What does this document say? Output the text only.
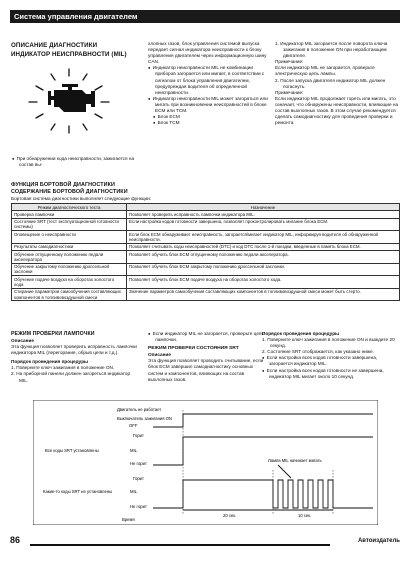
Система управления двигателем
ОПИСАНИЕ ДИАГНОСТИКИ
ИНДИКАТОР НЕИСПРАВНОСТИ (MIL)

●  При обнаружении кода неисправности, зажигается на состав вы-

хлопных газов, блок управления системой выпуска передает сигнал индикатора неисправности к блоку управления двигателем через информационную шину CAN.

●  Индикатор неисправности MIL не комбинации приборов загорается или мигает, в соответствии с сигналом от блока управления двигателем, предупреждая водителя об определенной неисправности.

●  Индикатор неисправности MIL может загораться или мигать при возникновении неисправностей в блоке ECM или TCM.

●  Блок ECM

●  Блок TCM

1. Индикатор MIL загорается после поворота ключа зажигания в положение ON при неработающем двигателе.

Примечание:

Если индикатор MIL не загорается, проверьте электрическую цепь лампы.

2. После запуска двигателя индикатор MIL должен погаснуть.

Примечание:

Если индикатор MIL продолжает гореть или мигать, это означает, что обнаружены неисправности, влияющие на состав выхлопных газов. В этом случае рекомендуется сделать самодиагностику для проведения проверки и ремонта.

ФУНКЦИЯ БОРТОВОЙ ДИАГНОСТИКИ
СОДЕРЖАНИЕ БОРТОВОЙ ДИАГНОСТИКИ
Бортовая система диагностики выполняет следующие функции:
Режим диагностического теста	Назначение
Проверка лампочки	Позволяет проверить исправность лампочки индикатора MIL.
Состояние SRT (тест эксплуатационной готовности системы)	Если настройка кодов готовности завершена, позволяет проконтролировать мигание блока ECM.
Оповещение о неисправности	Если блок ECM обнаруживает неисправность, загорается/мигает индикатор MIL, информируя водителя об обнаруженной неисправности.
Результаты самодиагностики	Позволяет считывать коды неисправностей (DTC) и код DTC после 1-й поездки, введенные в память блока ECM.
Обучение отпущенному положению педали акселератора	Позволяет обучить блок ECM отпущенному положению педали акселератора.
Обучение закрытому положению дроссельной заслонки	Позволяет обучить блок ECM закрытому положению дроссельной заслонки.
Обучение подаче воздуха на оборотах холостого хода	Позволяет обучить блок ECM подаче воздуха на оборотах холостого хода.
Стирание параметров самообучения составляющих компонентов в топливовоздушной смеси	Значение параметров самообучения составляющих компонентов в топливовоздушной смеси может быть стерто.
РЕЖИМ ПРОВЕРКИ ЛАМПОЧКИ

Описание

Эта функция позволяет проверить исправность лампочки индикатора MIL (перегорание, обрыв цепи и т.д.).

Порядок проведения процедуры

1. Поверните ключ зажигания в положение ON.

2. На приборной панели должен загореться индикатор MIL.

●  Если индикатор MIL не загорается, проверьте цепь лампочки.

РЕЖИМ ПРОВЕРКИ СОСТОЯНИЯ SRT

Описание

Эта функция позволяет проводить считывание, если блок ECM завершил самодиагностику основных систем и компонентов, влияющих на состав выхлопных газов.

Порядок проведения процедуры

1. Поверните ключ зажигания в положение ON и выждите 20 секунд.

2. Состояние SRT отображается, как указано ниже.

●  Если настройка всех кодов готовности завершена, загорается индикатор MIL.

●  Если настройка всех кодов готовности не завершена, индикатор MIL мигает около 10 секунд.

Двигатель не работает
Выключатель зажигания ON
OFF
Все коды SRT установлены	MIL
Горит
Не горит
Какие-то коды SRT не установлены	MIL
Горит
Не горит
Время
Лампа MIL начинает мигать
20 сек.	10 сек.
86	Автоиздатель
